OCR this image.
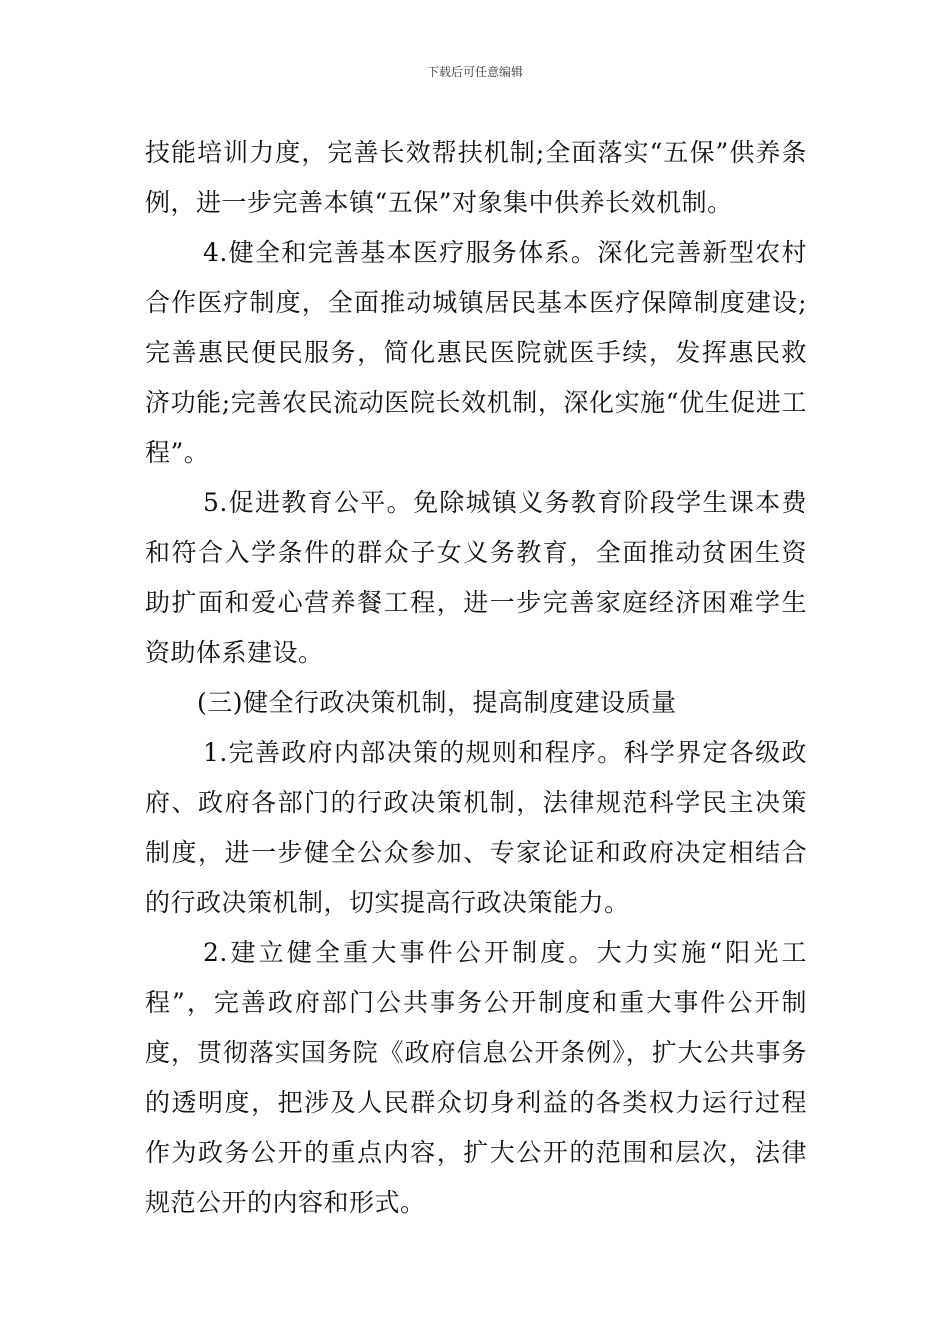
下载后可任意编辑

技能培训力度，完善长效帮扶机制;全面落实“五保”供养条例，进一步完善本镇“五保”对象集中供养长效机制。

4.健全和完善基本医疗服务体系。深化完善新型农村合作医疗制度，全面推动城镇居民基本医疗保障制度建设;完善惠民便民服务，简化惠民医院就医手续，发挥惠民救济功能;完善农民流动医院长效机制，深化实施“优生促进工程”。

5.促进教育公平。免除城镇义务教育阶段学生课本费和符合入学条件的群众子女义务教育，全面推动贫困生资助扩面和爱心营养餐工程，进一步完善家庭经济困难学生资助体系建设。

(三)健全行政决策机制，提高制度建设质量

1.完善政府内部决策的规则和程序。科学界定各级政府、政府各部门的行政决策机制，法律规范科学民主决策制度，进一步健全公众参加、专家论证和政府决定相结合的行政决策机制，切实提高行政决策能力。

2.建立健全重大事件公开制度。大力实施“阳光工程”，完善政府部门公共事务公开制度和重大事件公开制度，贯彻落实国务院《政府信息公开条例》，扩大公共事务的透明度，把涉及人民群众切身利益的各类权力运行过程作为政务公开的重点内容，扩大公开的范围和层次，法律规范公开的内容和形式。
